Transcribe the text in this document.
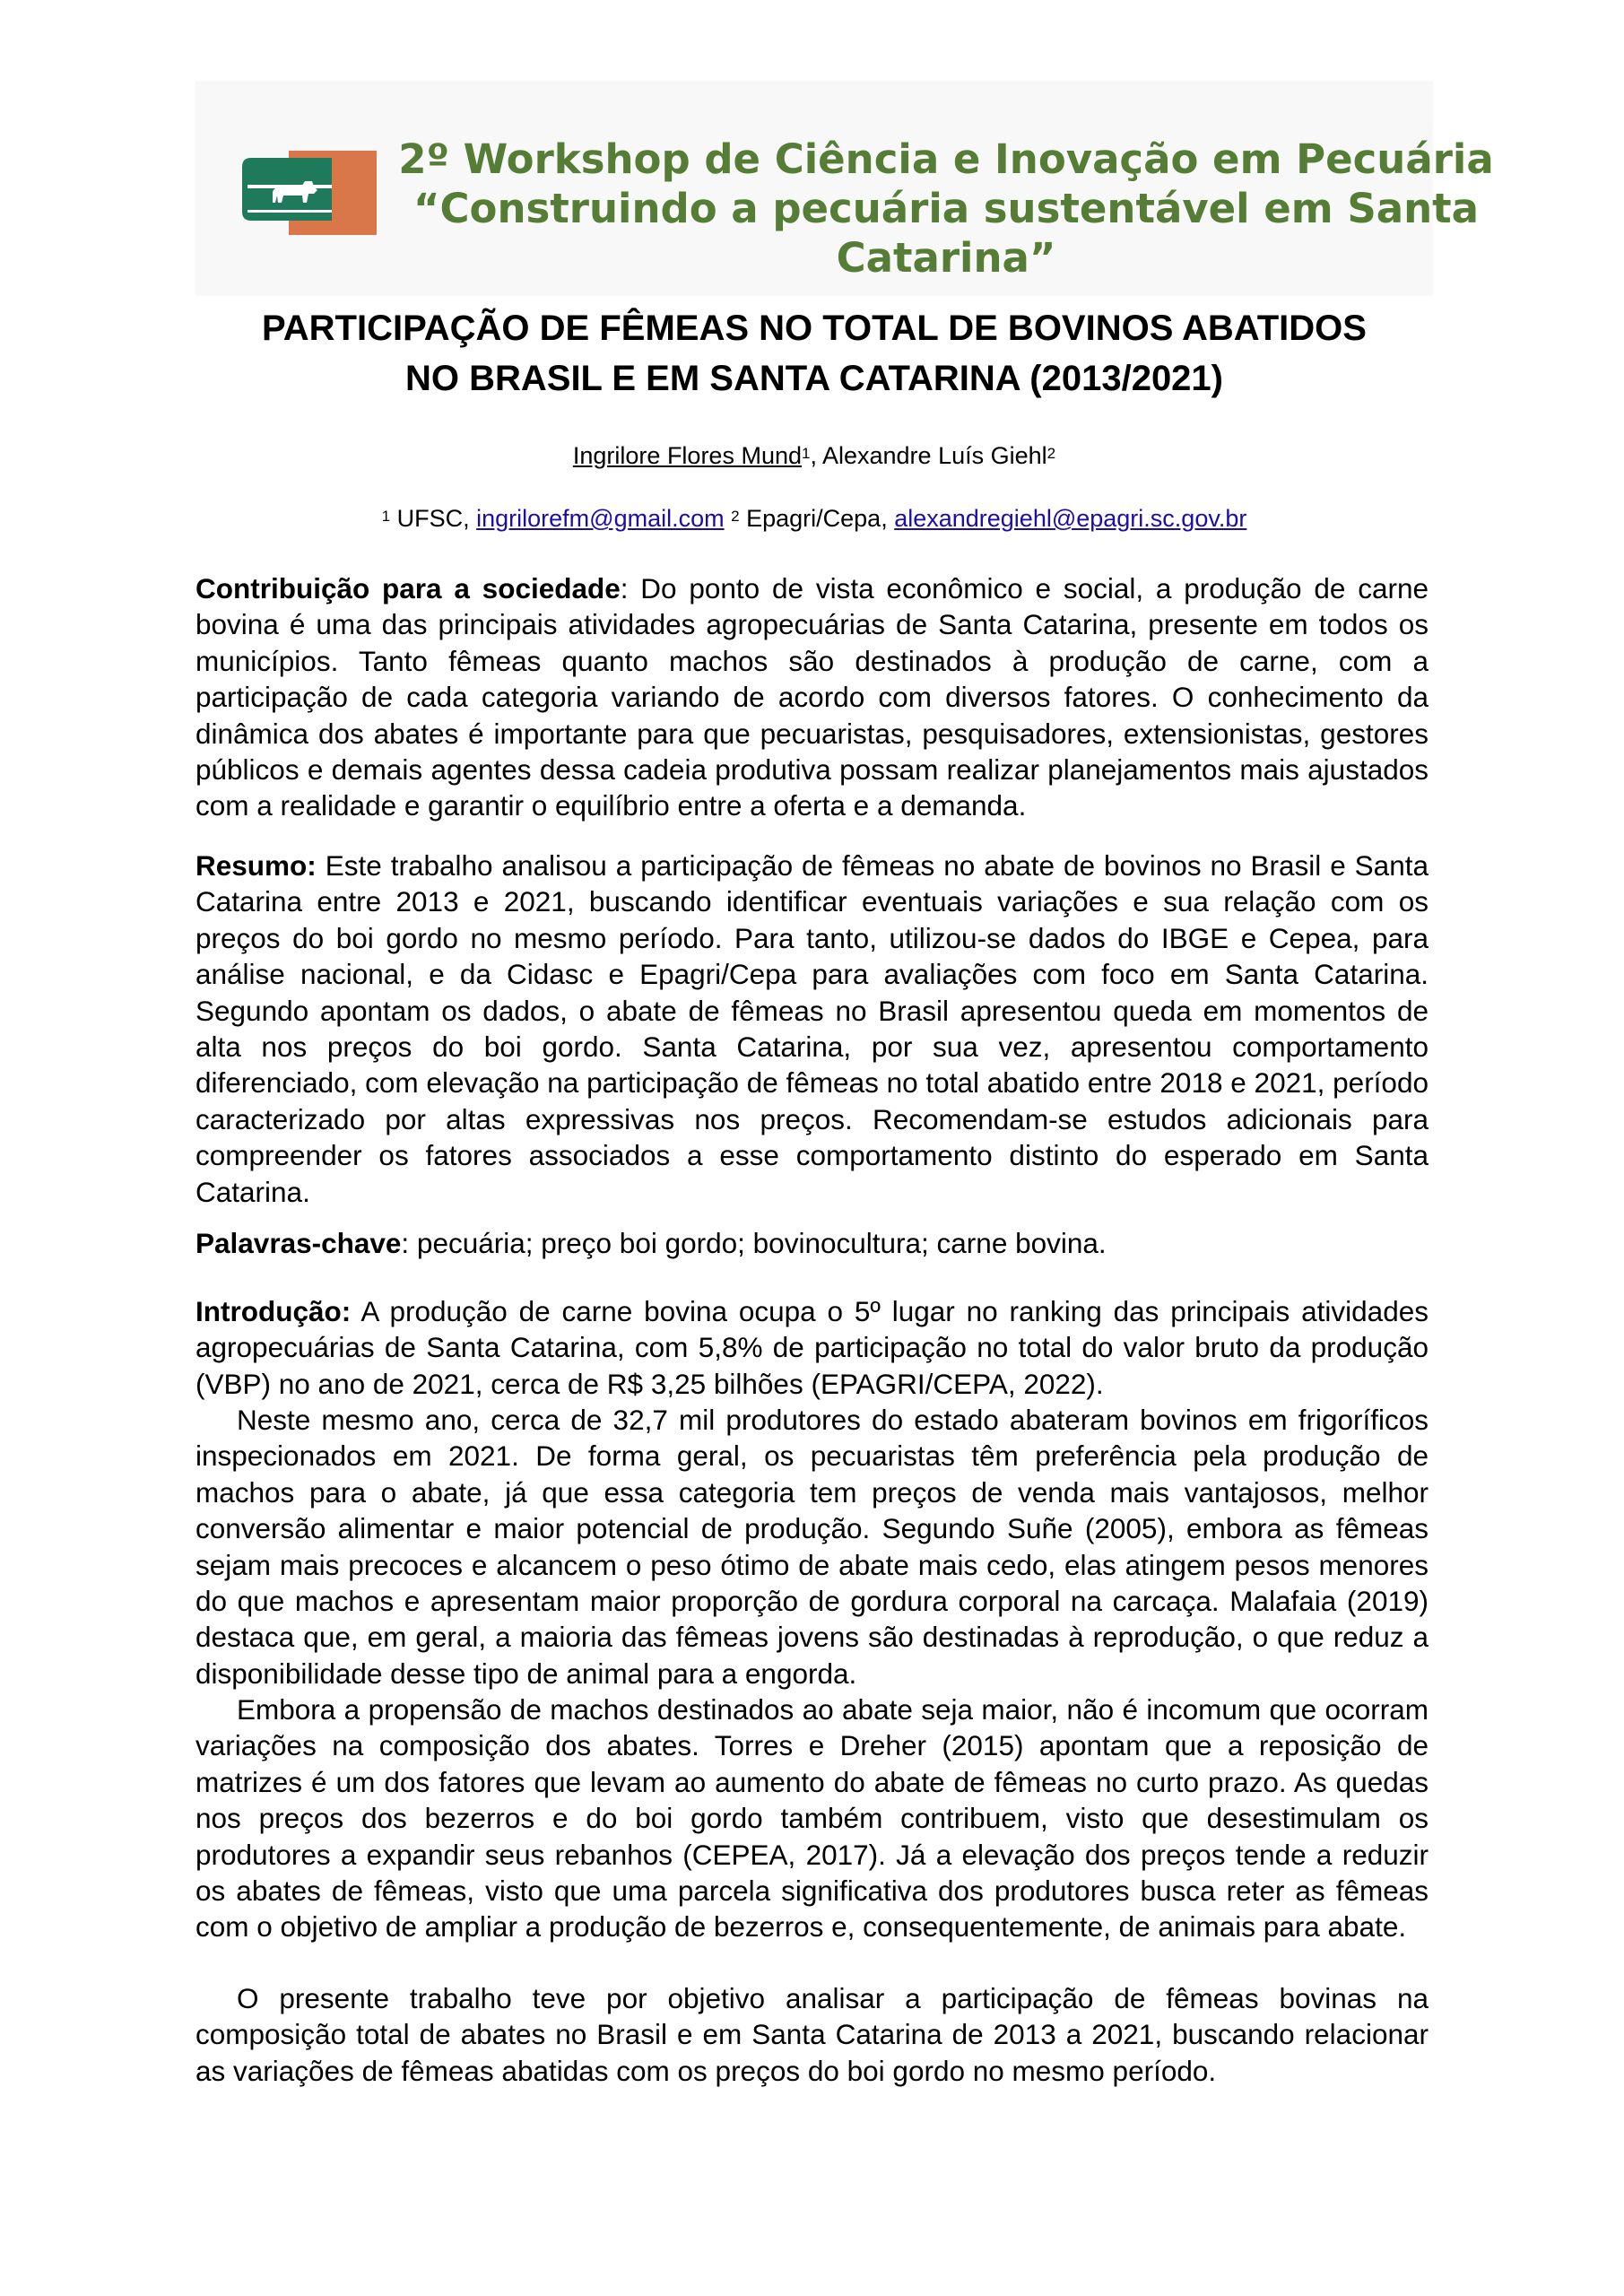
2º Workshop de Ciência e Inovação em Pecuária
“Construindo a pecuária sustentável em Santa
Catarina”
PARTICIPAÇÃO DE FÊMEAS NO TOTAL DE BOVINOS ABATIDOS
NO BRASIL E EM SANTA CATARINA (2013/2021)
Ingrilore Flores Mund$^1$, Alexandre Luís Giehl$^2$
$^1$ UFSC, ingrilorefm@gmail.com $^2$ Epagri/Cepa, alexandregiehl@epagri.sc.gov.br
Contribuição para a sociedade: Do ponto de vista econômico e social, a produção de carne bovina é uma das principais atividades agropecuárias de Santa Catarina, presente em todos os municípios. Tanto fêmeas quanto machos são destinados à produção de carne, com a participação de cada categoria variando de acordo com diversos fatores. O conhecimento da dinâmica dos abates é importante para que pecuaristas, pesquisadores, extensionistas, gestores públicos e demais agentes dessa cadeia produtiva possam realizar planejamentos mais ajustados com a realidade e garantir o equilíbrio entre a oferta e a demanda.
Resumo: Este trabalho analisou a participação de fêmeas no abate de bovinos no Brasil e Santa Catarina entre 2013 e 2021, buscando identificar eventuais variações e sua relação com os preços do boi gordo no mesmo período. Para tanto, utilizou-se dados do IBGE e Cepea, para análise nacional, e da Cidasc e Epagri/Cepa para avaliações com foco em Santa Catarina. Segundo apontam os dados, o abate de fêmeas no Brasil apresentou queda em momentos de alta nos preços do boi gordo. Santa Catarina, por sua vez, apresentou comportamento diferenciado, com elevação na participação de fêmeas no total abatido entre 2018 e 2021, período caracterizado por altas expressivas nos preços. Recomendam-se estudos adicionais para compreender os fatores associados a esse comportamento distinto do esperado em Santa Catarina.
Palavras-chave: pecuária; preço boi gordo; bovinocultura; carne bovina.
Introdução: A produção de carne bovina ocupa o 5º lugar no ranking das principais atividades agropecuárias de Santa Catarina, com 5,8% de participação no total do valor bruto da produção (VBP) no ano de 2021, cerca de R$ 3,25 bilhões (EPAGRI/CEPA, 2022).
Neste mesmo ano, cerca de 32,7 mil produtores do estado abateram bovinos em frigoríficos inspecionados em 2021. De forma geral, os pecuaristas têm preferência pela produção de machos para o abate, já que essa categoria tem preços de venda mais vantajosos, melhor conversão alimentar e maior potencial de produção. Segundo Suñe (2005), embora as fêmeas sejam mais precoces e alcancem o peso ótimo de abate mais cedo, elas atingem pesos menores do que machos e apresentam maior proporção de gordura corporal na carcaça. Malafaia (2019) destaca que, em geral, a maioria das fêmeas jovens são destinadas à reprodução, o que reduz a disponibilidade desse tipo de animal para a engorda.
Embora a propensão de machos destinados ao abate seja maior, não é incomum que ocorram variações na composição dos abates. Torres e Dreher (2015) apontam que a reposição de matrizes é um dos fatores que levam ao aumento do abate de fêmeas no curto prazo. As quedas nos preços dos bezerros e do boi gordo também contribuem, visto que desestimulam os produtores a expandir seus rebanhos (CEPEA, 2017). Já a elevação dos preços tende a reduzir os abates de fêmeas, visto que uma parcela significativa dos produtores busca reter as fêmeas com o objetivo de ampliar a produção de bezerros e, consequentemente, de animais para abate.
O presente trabalho teve por objetivo analisar a participação de fêmeas bovinas na composição total de abates no Brasil e em Santa Catarina de 2013 a 2021, buscando relacionar as variações de fêmeas abatidas com os preços do boi gordo no mesmo período.
